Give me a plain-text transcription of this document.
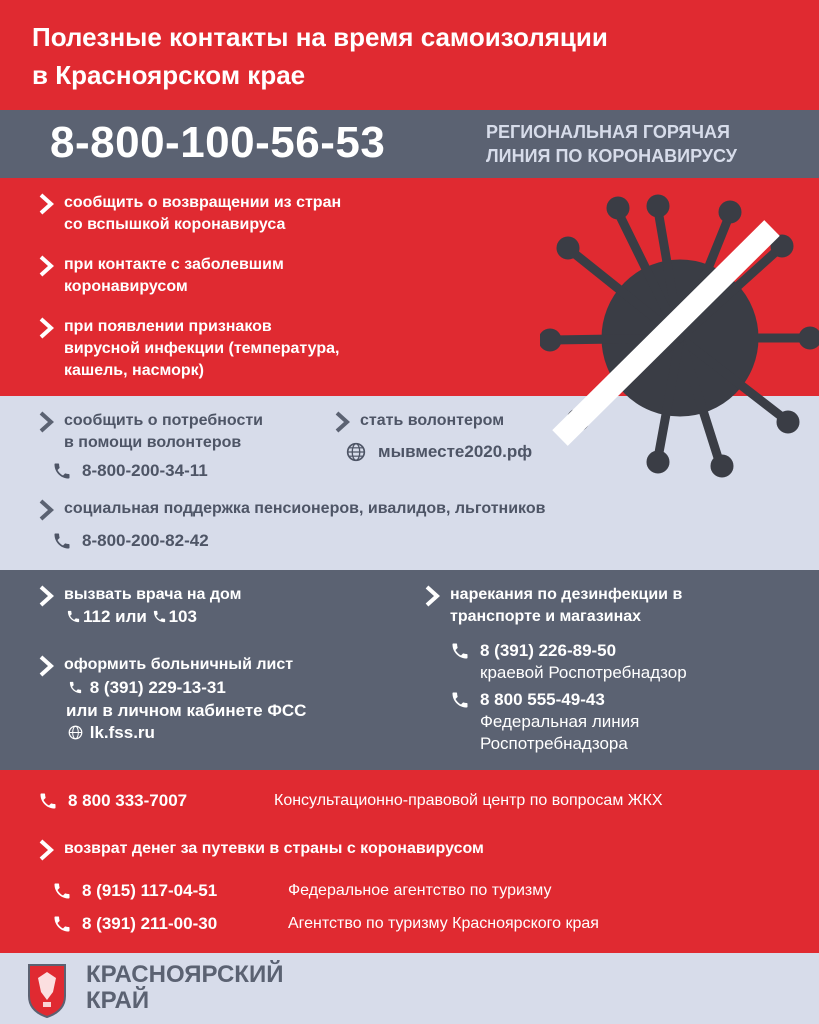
Полезные контакты на время самоизоляции
в Красноярском крае
8-800-100-56-53	РЕГИОНАЛЬНАЯ ГОРЯЧАЯ
ЛИНИЯ ПО КОРОНАВИРУСУ
сообщить о возвращении из стран
со вспышкой коронавируса
при контакте с заболевшим
коронавирусом
при появлении признаков
вирусной инфекции (температура,
кашель, насморк)
сообщить о потребности
в помощи волонтеров
8-800-200-34-11
стать волонтером
мывместе2020.рф
социальная поддержка пенсионеров, ивалидов, льготников
8-800-200-82-42
вызвать врача на дом
112 или 103
оформить больничный лист
8 (391) 229-13-31
или в личном кабинете ФСС
lk.fss.ru
нарекания по дезинфекции в
транспорте и магазинах
8 (391) 226-89-50
краевой Роспотребнадзор
8 800 555-49-43
Федеральная линия
Роспотребнадзора
8 800 333-7007	Консультационно-правовой центр по вопросам ЖКХ
возврат денег за путевки в страны с коронавирусом
8 (915) 117-04-51	Федеральное агентство по туризму
8 (391) 211-00-30	Агентство по туризму Красноярского края
КРАСНОЯРСКИЙ
КРАЙ
